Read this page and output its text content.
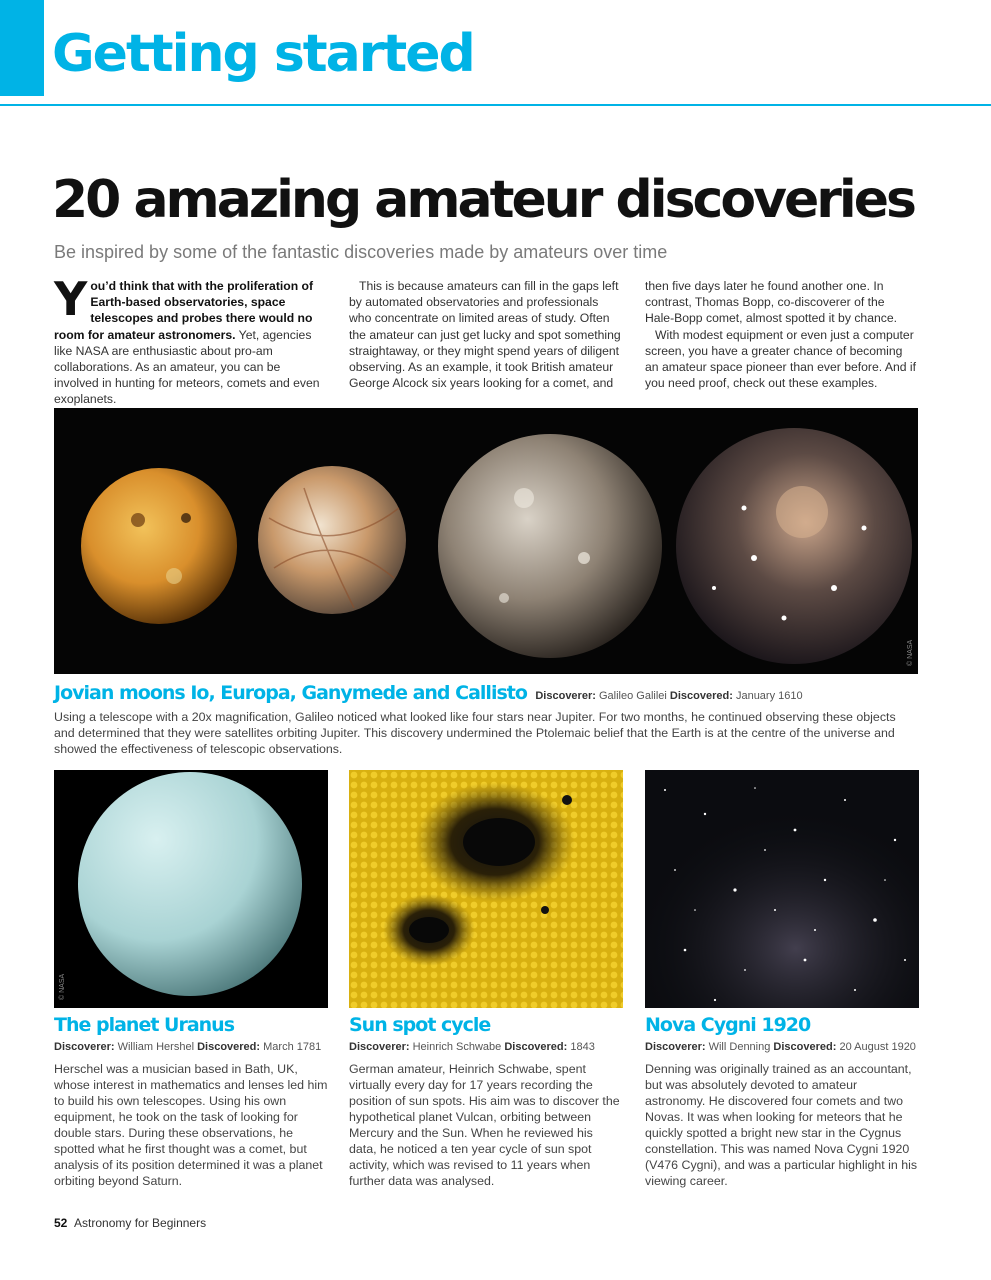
Getting started
20 amazing amateur discoveries
Be inspired by some of the fantastic discoveries made by amateurs over time
You’d think that with the proliferation of Earth-based observatories, space telescopes and probes there would no room for amateur astronomers. Yet, agencies like NASA are enthusiastic about pro-am collaborations. As an amateur, you can be involved in hunting for meteors, comets and even exoplanets.
This is because amateurs can fill in the gaps left by automated observatories and professionals who concentrate on limited areas of study. Often the amateur can just get lucky and spot something straightaway, or they might spend years of diligent observing. As an example, it took British amateur George Alcock six years looking for a comet, and
then five days later he found another one. In contrast, Thomas Bopp, co-discoverer of the Hale-Bopp comet, almost spotted it by chance.
With modest equipment or even just a computer screen, you have a greater chance of becoming an amateur space pioneer than ever before. And if you need proof, check out these examples.
© NASA
Jovian moons Io, Europa, Ganymede and Callisto Discoverer: Galileo Galilei Discovered: January 1610
Using a telescope with a 20x magnification, Galileo noticed what looked like four stars near Jupiter. For two months, he continued observing these objects and determined that they were satellites orbiting Jupiter. This discovery undermined the Ptolemaic belief that the Earth is at the centre of the universe and showed the effectiveness of telescopic observations.
© NASA
The planet Uranus
Discoverer: William Hershel Discovered: March 1781
Herschel was a musician based in Bath, UK, whose interest in mathematics and lenses led him to build his own telescopes. Using his own equipment, he took on the task of looking for double stars. During these observations, he spotted what he first thought was a comet, but analysis of its position determined it was a planet orbiting beyond Saturn.
Sun spot cycle
Discoverer: Heinrich Schwabe Discovered: 1843
German amateur, Heinrich Schwabe, spent virtually every day for 17 years recording the position of sun spots. His aim was to discover the hypothetical planet Vulcan, orbiting between Mercury and the Sun. When he reviewed his data, he noticed a ten year cycle of sun spot activity, which was revised to 11 years when further data was analysed.
Nova Cygni 1920
Discoverer: Will Denning Discovered: 20 August 1920
Denning was originally trained as an accountant, but was absolutely devoted to amateur astronomy. He discovered four comets and two Novas. It was when looking for meteors that he quickly spotted a bright new star in the Cygnus constellation. This was named Nova Cygni 1920 (V476 Cygni), and was a particular highlight in his viewing career.
52 Astronomy for Beginners
